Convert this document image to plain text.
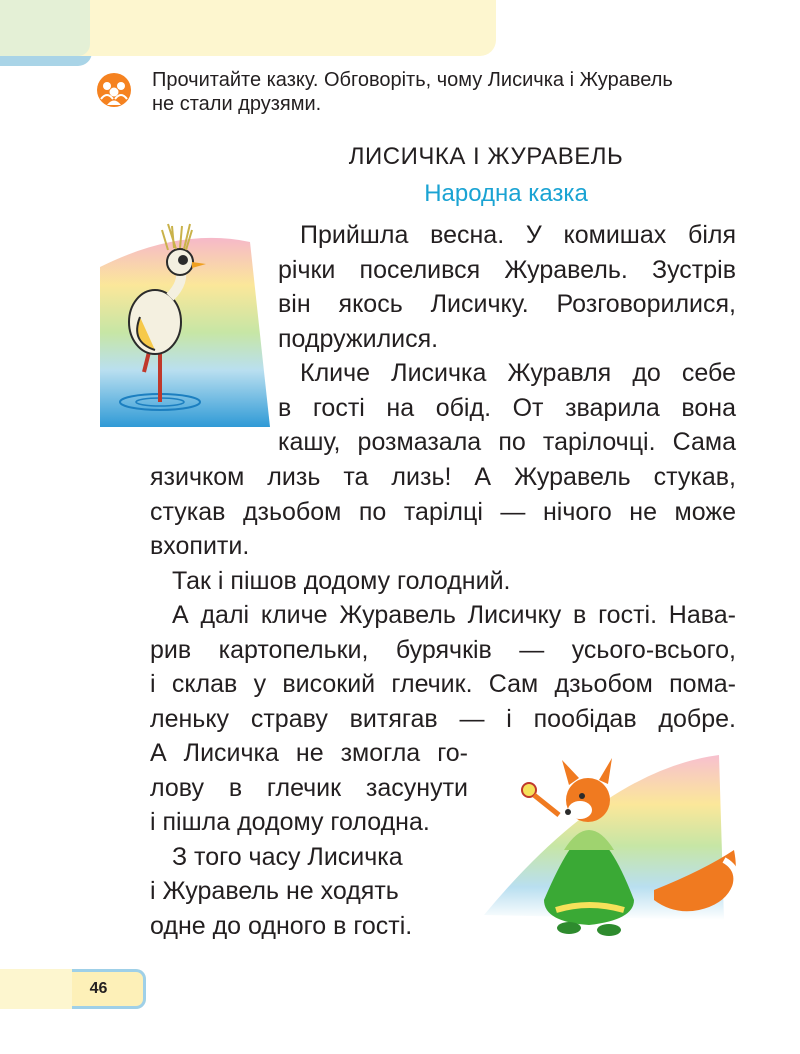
Прочитайте казку. Обговоріть, чому Лисичка і Журавель
не стали друзями.
ЛИСИЧКА І ЖУРАВЕЛЬ
Народна казка
Прийшла весна. У комишах біля
річки поселився Журавель. Зустрів
він якось Лисичку. Розговорилися,
подружилися.
Кличе Лисичка Журавля до себе
в гості на обід. От зварила вона
кашу, розмазала по тарілочці. Сама
язичком лизь та лизь! А Журавель стукав,
стукав дзьобом по тарілці — нічого не може
вхопити.
Так і пішов додому голодний.
А далі кличе Журавель Лисичку в гості. Нава-
рив картопельки, бурячків — усього-всього,
і склав у високий глечик. Сам дзьобом пома-
леньку страву витягав — і пообідав добре.
А Лисичка не змогла го-
лову в глечик засунути
і пішла додому голодна.
З того часу Лисичка
і Журавель не ходять
одне до одного в гості.
46
